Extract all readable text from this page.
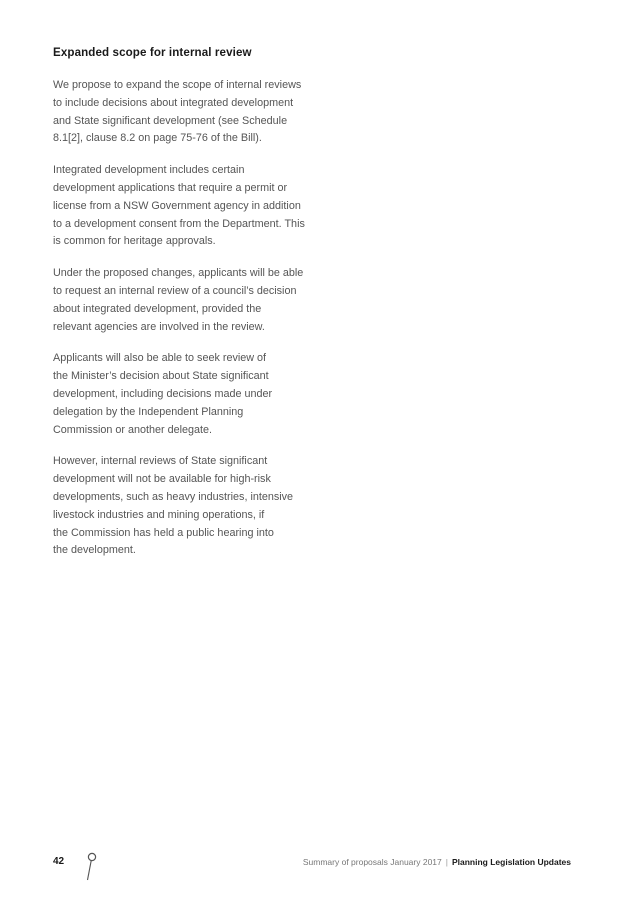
Expanded scope for internal review

We propose to expand the scope of internal reviews
to include decisions about integrated development
and State significant development (see Schedule
8.1[2], clause 8.2 on page 75-76 of the Bill).

Integrated development includes certain
development applications that require a permit or
license from a NSW Government agency in addition
to a development consent from the Department. This
is common for heritage approvals.

Under the proposed changes, applicants will be able
to request an internal review of a council’s decision
about integrated development, provided the
relevant agencies are involved in the review.

Applicants will also be able to seek review of
the Minister’s decision about State significant
development, including decisions made under
delegation by the Independent Planning
Commission or another delegate.

However, internal reviews of State significant
development will not be available for high-risk
developments, such as heavy industries, intensive
livestock industries and mining operations, if
the Commission has held a public hearing into
the development.

42	Summary of proposals January 2017 | Planning Legislation Updates
